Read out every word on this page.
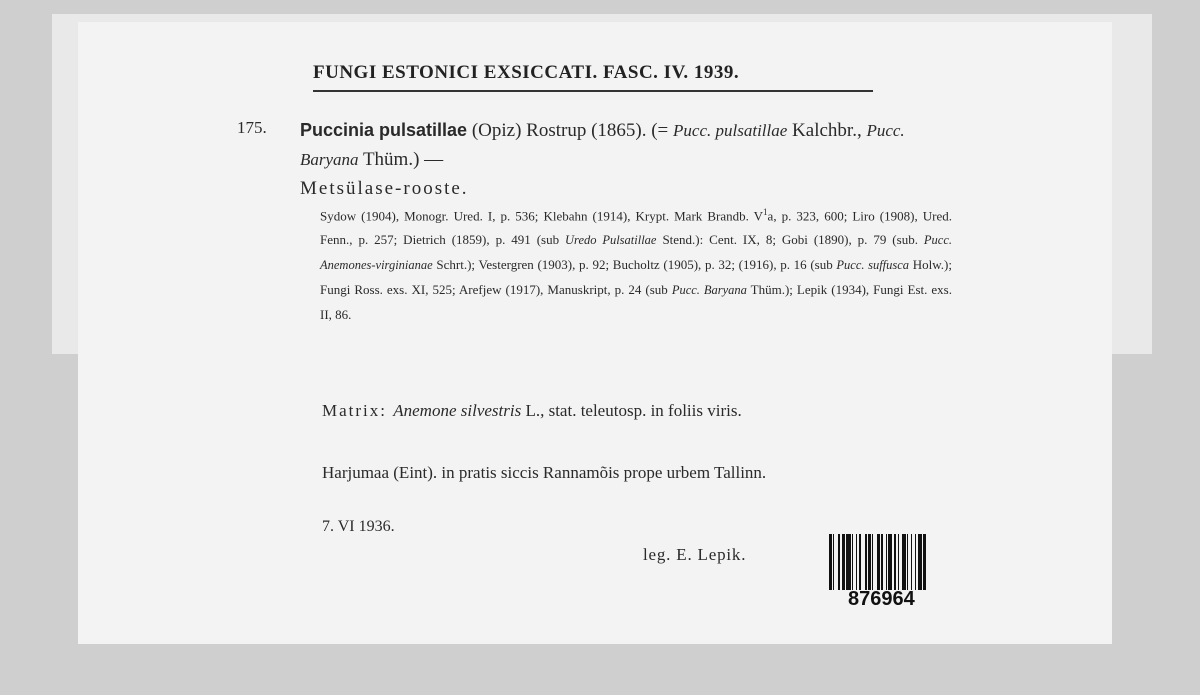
FUNGI ESTONICI EXSICCATI. FASC. IV. 1939.
175. Puccinia pulsatillae (Opiz) Rostrup (1865). (= Pucc. pulsatillae Kalchbr., Pucc. Baryana Thüm.) —
Metsülase-rooste.
Sydow (1904), Monogr. Ured. I, p. 536; Klebahn (1914), Krypt. Mark Brandb. $V^1a$, p. 323, 600; Liro (1908), Ured. Fenn., p. 257; Dietrich (1859), p. 491 (sub Uredo Pulsatillae Stend.): Cent. IX, 8; Gobi (1890), p. 79 (sub. Pucc. Anemones-virginianae Schrt.); Vestergren (1903), p. 92; Bucholtz (1905), p. 32; (1916), p. 16 (sub Pucc. suffusca Holw.); Fungi Ross. exs. XI, 525; Arefjew (1917), Manuskript, p. 24 (sub Pucc. Baryana Thüm.); Lepik (1934), Fungi Est. exs. II, 86.
Matrix: Anemone silvestris L., stat. teleutosp. in foliis viris.
Harjumaa (Eint). in pratis siccis Rannamõis prope urbem Tallinn.
7. VI 1936.
leg. E. Lepik.
876964
